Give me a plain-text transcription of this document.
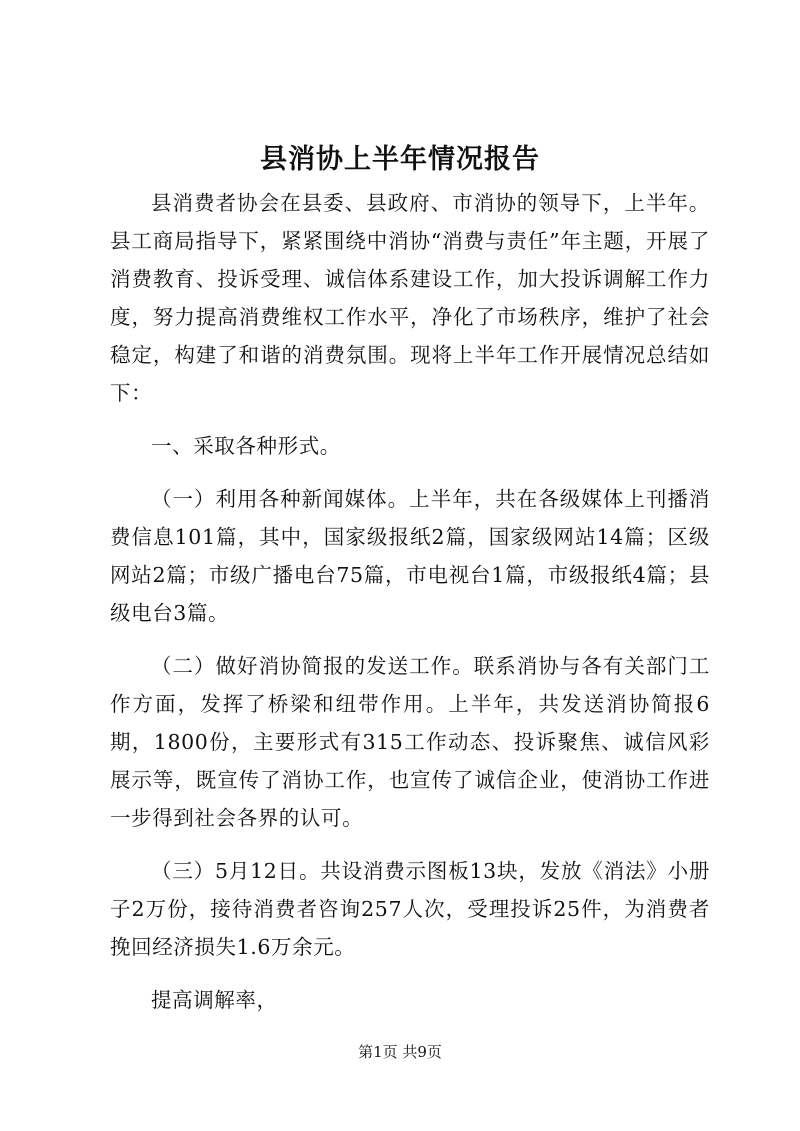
县消协上半年情况报告

县消费者协会在县委、县政府、市消协的领导下，上半年。县工商局指导下，紧紧围绕中消协“消费与责任”年主题，开展了消费教育、投诉受理、诚信体系建设工作，加大投诉调解工作力度，努力提高消费维权工作水平，净化了市场秩序，维护了社会稳定，构建了和谐的消费氛围。现将上半年工作开展情况总结如下：

一、采取各种形式。

（一）利用各种新闻媒体。上半年，共在各级媒体上刊播消费信息101篇，其中，国家级报纸2篇，国家级网站14篇；区级网站2篇；市级广播电台75篇，市电视台1篇，市级报纸4篇；县级电台3篇。

（二）做好消协简报的发送工作。联系消协与各有关部门工作方面，发挥了桥梁和纽带作用。上半年，共发送消协简报6期，1800份，主要形式有315工作动态、投诉聚焦、诚信风彩展示等，既宣传了消协工作，也宣传了诚信企业，使消协工作进一步得到社会各界的认可。

（三）5月12日。共设消费示图板13块，发放《消法》小册子2万份，接待消费者咨询257人次，受理投诉25件，为消费者挽回经济损失1.6万余元。

提高调解率，

第1页 共9页
